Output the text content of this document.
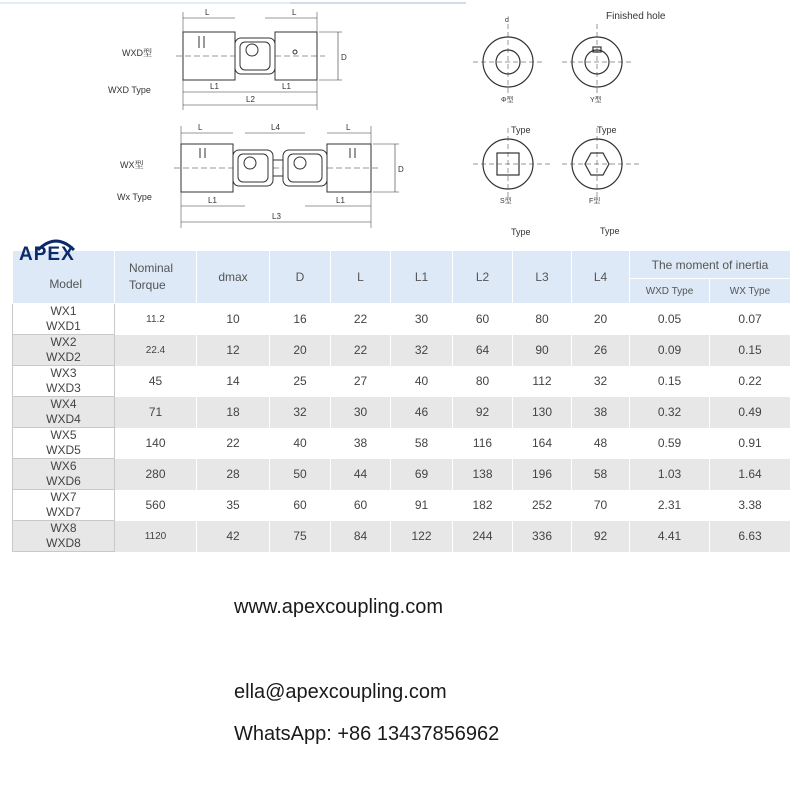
WXD型
WXD Type
L	L
L1	L1
L2
D
WX型
Wx Type
L	L4	L
L1	L1
L3
D
Finished hole
d
Φ型	Y型
S型	F型
Type	Type
Type	Type
Model	Nominal Torque	dmax	D	L	L1	L2	L3	L4	The moment of inertia	
									WXD Type	WX Type

WX1
WXD1	11.2	10	16	22	30	60	80	20	0.05	0.07

WX2
WXD2	22.4	12	20	22	32	64	90	26	0.09	0.15

WX3
WXD3	45	14	25	27	40	80	112	32	0.15	0.22

WX4
WXD4	71	18	32	30	46	92	130	38	0.32	0.49

WX5
WXD5	140	22	40	38	58	116	164	48	0.59	0.91

WX6
WXD6	280	28	50	44	69	138	196	58	1.03	1.64

WX7
WXD7	560	35	60	60	91	182	252	70	2.31	3.38

WX8
WXD8	1120	42	75	84	122	244	336	92	4.41	6.63
APEX
www.apexcoupling.com
ella@apexcoupling.com
WhatsApp: +86 13437856962
